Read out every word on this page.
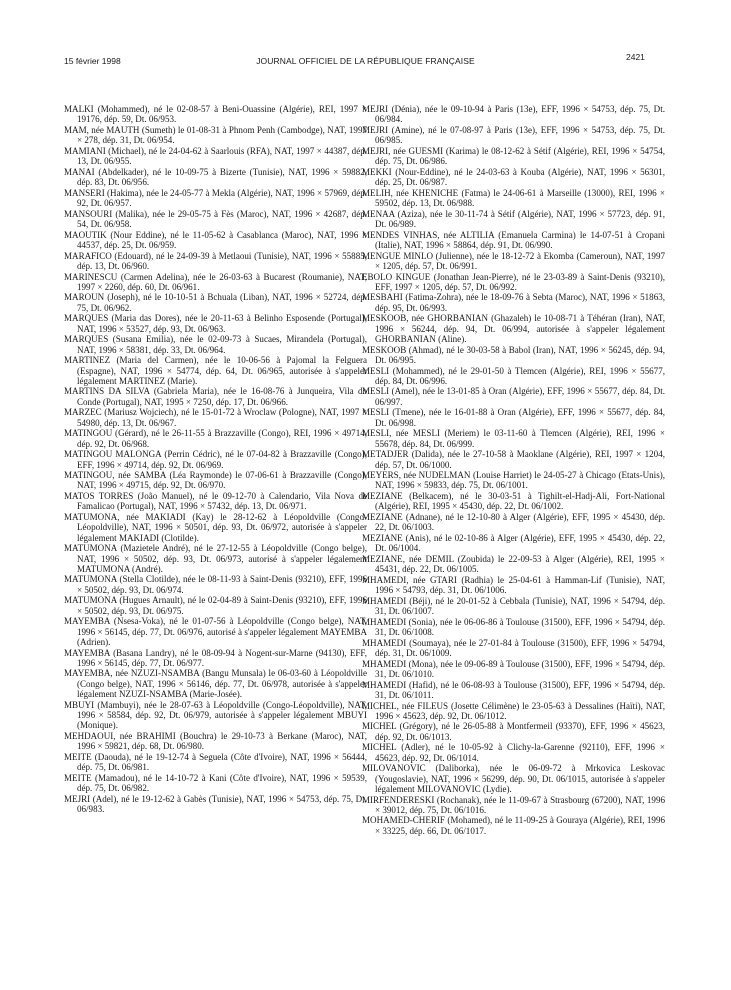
15 février 1998	JOURNAL OFFICIEL DE LA RÉPUBLIQUE FRANÇAISE	2421

MALKI (Mohammed), né le 02-08-57 à Beni-Ouassine (Algérie), REI, 1997 × 19176, dép. 59, Dt. 06/953.

MAM, née MAUTH (Sumeth) le 01-08-31 à Phnom Penh (Cambodge), NAT, 1997 × 278, dép. 31, Dt. 06/954.

MAMIANI (Michael), né le 24-04-62 à Saarlouis (RFA), NAT, 1997 × 44387, dép. 13, Dt. 06/955.

MANAI (Abdelkader), né le 10-09-75 à Bizerte (Tunisie), NAT, 1996 × 59882, dép. 83, Dt. 06/956.

MANSERI (Hakima), née le 24-05-77 à Mekla (Algérie), NAT, 1996 × 57969, dép. 92, Dt. 06/957.

MANSOURI (Malika), née le 29-05-75 à Fès (Maroc), NAT, 1996 × 42687, dép. 54, Dt. 06/958.

MAOUTIK (Nour Eddine), né le 11-05-62 à Casablanca (Maroc), NAT, 1996 × 44537, dép. 25, Dt. 06/959.

MARAFICO (Edouard), né le 24-09-39 à Metlaoui (Tunisie), NAT, 1996 × 55885, dép. 13, Dt. 06/960.

MARINESCU (Carmen Adelina), née le 26-03-63 à Bucarest (Roumanie), NAT, 1997 × 2260, dép. 60, Dt. 06/961.

MAROUN (Joseph), né le 10-10-51 à Bchuala (Liban), NAT, 1996 × 52724, dép. 75, Dt. 06/962.

MARQUES (Maria das Dores), née le 20-11-63 à Belinho Esposende (Portugal), NAT, 1996 × 53527, dép. 93, Dt. 06/963.

MARQUES (Susana Emilia), née le 02-09-73 à Sucaes, Mirandela (Portugal), NAT, 1996 × 58381, dép. 33, Dt. 06/964.

MARTINEZ (Maria del Carmen), née le 10-06-56 à Pajomal la Felguera (Espagne), NAT, 1996 × 54774, dép. 64, Dt. 06/965, autorisée à s'appeler légalement MARTINEZ (Marie).

MARTINS DA SILVA (Gabriela Maria), née le 16-08-76 à Junqueira, Vila do Conde (Portugal), NAT, 1995 × 7250, dép. 17, Dt. 06/966.

MARZEC (Mariusz Wojciech), né le 15-01-72 à Wroclaw (Pologne), NAT, 1997 × 54980, dép. 13, Dt. 06/967.

MATINGOU (Gérard), né le 26-11-55 à Brazzaville (Congo), REI, 1996 × 49714, dép. 92, Dt. 06/968.

MATINGOU MALONGA (Perrin Cédric), né le 07-04-82 à Brazzaville (Congo), EFF, 1996 × 49714, dép. 92, Dt. 06/969.

MATINGOU, née SAMBA (Léa Raymonde) le 07-06-61 à Brazzaville (Congo), NAT, 1996 × 49715, dép. 92, Dt. 06/970.

MATOS TORRES (João Manuel), né le 09-12-70 à Calendario, Vila Nova de Famalicao (Portugal), NAT, 1996 × 57432, dép. 13, Dt. 06/971.

MATUMONA, née MAKIADI (Kay) le 28-12-62 à Léopoldville (Congo-Léopoldville), NAT, 1996 × 50501, dép. 93, Dt. 06/972, autorisée à s'appeler légalement MAKIADI (Clotilde).

MATUMONA (Mazietele André), né le 27-12-55 à Léopoldville (Congo belge), NAT, 1996 × 50502, dép. 93, Dt. 06/973, autorisé à s'appeler légalement MATUMONA (André).

MATUMONA (Stella Clotilde), née le 08-11-93 à Saint-Denis (93210), EFF, 1996 × 50502, dép. 93, Dt. 06/974.

MATUMONA (Hugues Arnault), né le 02-04-89 à Saint-Denis (93210), EFF, 1996 × 50502, dép. 93, Dt. 06/975.

MAYEMBA (Nsesa-Voka), né le 01-07-56 à Léopoldville (Congo belge), NAT, 1996 × 56145, dép. 77, Dt. 06/976, autorisé à s'appeler légalement MAYEMBA (Adrien).

MAYEMBA (Basana Landry), né le 08-09-94 à Nogent-sur-Marne (94130), EFF, 1996 × 56145, dép. 77, Dt. 06/977.

MAYEMBA, née NZUZI-NSAMBA (Bangu Munsala) le 06-03-60 à Léopoldville (Congo belge), NAT, 1996 × 56146, dép. 77, Dt. 06/978, autorisée à s'appeler légalement NZUZI-NSAMBA (Marie-Josée).

MBUYI (Mambuyi), née le 28-07-63 à Léopoldville (Congo-Léopoldville), NAT, 1996 × 58584, dép. 92, Dt. 06/979, autorisée à s'appeler légalement MBUYI (Monique).

MEHDAOUI, née BRAHIMI (Bouchra) le 29-10-73 à Berkane (Maroc), NAT, 1996 × 59821, dép. 68, Dt. 06/980.

MEITE (Daouda), né le 19-12-74 à Seguela (Côte d'Ivoire), NAT, 1996 × 56444, dép. 75, Dt. 06/981.

MEITE (Mamadou), né le 14-10-72 à Kani (Côte d'Ivoire), NAT, 1996 × 59539, dép. 75, Dt. 06/982.

MEJRI (Adel), né le 19-12-62 à Gabès (Tunisie), NAT, 1996 × 54753, dép. 75, Dt. 06/983.

MEJRI (Dénia), née le 09-10-94 à Paris (13e), EFF, 1996 × 54753, dép. 75, Dt. 06/984.

MEJRI (Amine), né le 07-08-97 à Paris (13e), EFF, 1996 × 54753, dép. 75, Dt. 06/985.

MEJRI, née GUESMI (Karima) le 08-12-62 à Sétif (Algérie), REI, 1996 × 54754, dép. 75, Dt. 06/986.

MEKKI (Nour-Eddine), né le 24-03-63 à Kouba (Algérie), NAT, 1996 × 56301, dép. 25, Dt. 06/987.

MELIH, née KHENICHE (Fatma) le 24-06-61 à Marseille (13000), REI, 1996 × 59502, dép. 13, Dt. 06/988.

MENAA (Aziza), née le 30-11-74 à Sétif (Algérie), NAT, 1996 × 57723, dép. 91, Dt. 06/989.

MENDES VINHAS, née ALTILIA (Emanuela Carmina) le 14-07-51 à Cropani (Italie), NAT, 1996 × 58864, dép. 91, Dt. 06/990.

MENGUE MINLO (Julienne), née le 18-12-72 à Ekomba (Cameroun), NAT, 1997 × 1205, dép. 57, Dt. 06/991.

EBOLO KINGUE (Jonathan Jean-Pierre), né le 23-03-89 à Saint-Denis (93210), EFF, 1997 × 1205, dép. 57, Dt. 06/992.

MESBAHI (Fatima-Zohra), née le 18-09-76 à Sebta (Maroc), NAT, 1996 × 51863, dép. 95, Dt. 06/993.

MESKOOB, née GHORBANIAN (Ghazaleh) le 10-08-71 à Téhéran (Iran), NAT, 1996 × 56244, dép. 94, Dt. 06/994, autorisée à s'appeler légalement GHORBANIAN (Aline).

MESKOOB (Ahmad), né le 30-03-58 à Babol (Iran), NAT, 1996 × 56245, dép. 94, Dt. 06/995.

MESLI (Mohammed), né le 29-01-50 à Tlemcen (Algérie), REI, 1996 × 55677, dép. 84, Dt. 06/996.

MESLI (Amel), née le 13-01-85 à Oran (Algérie), EFF, 1996 × 55677, dép. 84, Dt. 06/997.

MESLI (Tmene), née le 16-01-88 à Oran (Algérie), EFF, 1996 × 55677, dép. 84, Dt. 06/998.

MESLI, née MESLI (Meriem) le 03-11-60 à Tlemcen (Algérie), REI, 1996 × 55678, dép. 84, Dt. 06/999.

METADJER (Dalida), née le 27-10-58 à Maoklane (Algérie), REI, 1997 × 1204, dép. 57, Dt. 06/1000.

MEYERS, née NUDELMAN (Louise Harriet) le 24-05-27 à Chicago (Etats-Unis), NAT, 1996 × 59833, dép. 75, Dt. 06/1001.

MEZIANE (Belkacem), né le 30-03-51 à Tighilt-el-Hadj-Ali, Fort-National (Algérie), REI, 1995 × 45430, dép. 22, Dt. 06/1002.

MEZIANE (Adnane), né le 12-10-80 à Alger (Algérie), EFF, 1995 × 45430, dép. 22, Dt. 06/1003.

MEZIANE (Anis), né le 02-10-86 à Alger (Algérie), EFF, 1995 × 45430, dép. 22, Dt. 06/1004.

MEZIANE, née DEMIL (Zoubida) le 22-09-53 à Alger (Algérie), REI, 1995 × 45431, dép. 22, Dt. 06/1005.

MHAMEDI, née GTARI (Radhia) le 25-04-61 à Hamman-Lif (Tunisie), NAT, 1996 × 54793, dép. 31, Dt. 06/1006.

MHAMEDI (Béji), né le 20-01-52 à Cebbala (Tunisie), NAT, 1996 × 54794, dép. 31, Dt. 06/1007.

MHAMEDI (Sonia), née le 06-06-86 à Toulouse (31500), EFF, 1996 × 54794, dép. 31, Dt. 06/1008.

MHAMEDI (Soumaya), née le 27-01-84 à Toulouse (31500), EFF, 1996 × 54794, dép. 31, Dt. 06/1009.

MHAMEDI (Mona), née le 09-06-89 à Toulouse (31500), EFF, 1996 × 54794, dép. 31, Dt. 06/1010.

MHAMEDI (Hafid), né le 06-08-93 à Toulouse (31500), EFF, 1996 × 54794, dép. 31, Dt. 06/1011.

MICHEL, née FILEUS (Josette Célimène) le 23-05-63 à Dessalines (Haïti), NAT, 1996 × 45623, dép. 92, Dt. 06/1012.

MICHEL (Grégory), né le 26-05-88 à Montfermeil (93370), EFF, 1996 × 45623, dép. 92, Dt. 06/1013.

MICHEL (Adler), né le 10-05-92 à Clichy-la-Garenne (92110), EFF, 1996 × 45623, dép. 92, Dt. 06/1014.

MILOVANOVIC (Daliborka), née le 06-09-72 à Mrkovica Leskovac (Yougoslavie), NAT, 1996 × 56299, dép. 90, Dt. 06/1015, autorisée à s'appeler légalement MILOVANOVIC (Lydie).

MIRFENDERESKI (Rochanak), née le 11-09-67 à Strasbourg (67200), NAT, 1996 × 39012, dép. 75, Dt. 06/1016.

MOHAMED-CHERIF (Mohamed), né le 11-09-25 à Gouraya (Algérie), REI, 1996 × 33225, dép. 66, Dt. 06/1017.
